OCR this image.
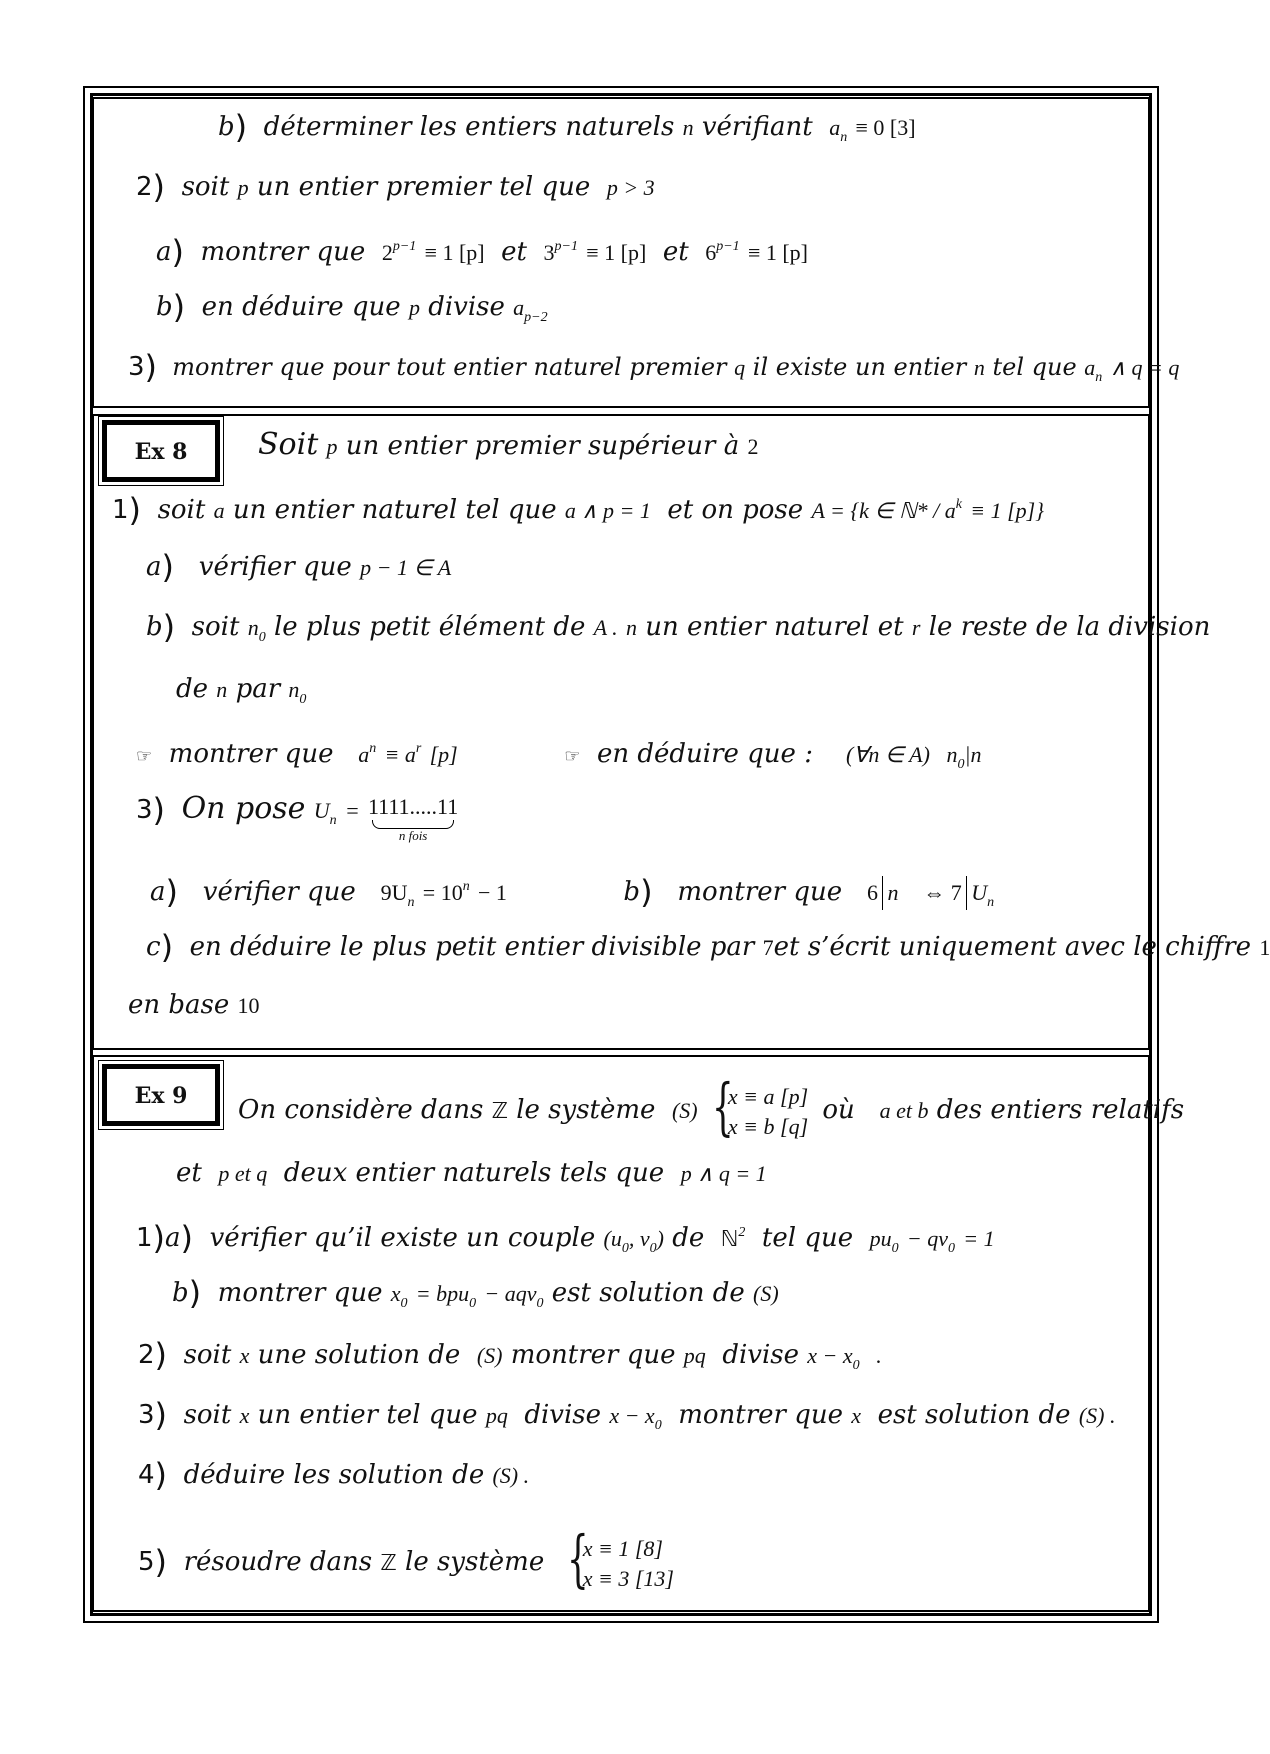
b) déterminer les entiers naturels n vérifiant $a_n \equiv 0$ [3]
2) soit p un entier premier tel que p > 3
a) montrer que $2^{p-1} \equiv 1$ [p] et $3^{p-1} \equiv 1$ [p] et $6^{p-1} \equiv 1$ [p]
b) en déduire que p divise $a_{p-2}$
3) montrer que pour tout entier naturel premier q il existe un entier n tel que $a_n$ ∧ q = q
Ex 8	Soit p un entier premier supérieur à 2
1) soit a un entier naturel tel que a ∧ p = 1 et on pose A = {k ∈ ℕ* / $a^k \equiv 1$ [p]}
a) vérifier que p − 1 ∈ A
b) soit $n_0$ le plus petit élément de A . n un entier naturel et r le reste de la division
de n par $n_0$
☞ montrer que $a^n \equiv a^r$ [p]	☞ en déduire que : (∀n ∈ A) $n_0|n$
3) On pose $U_n = 1111.....11$
n fois
a) vérifier que $9U_n = 10^n - 1$	b) montrer que 6 n ⇔ 7 $U_n$
c) en déduire le plus petit entier divisible par 7et s’écrit uniquement avec le chiffre 1
en base 10
Ex 9	On considère dans ℤ le système (S) {
x ≡ a [p]
x ≡ b [q]
où a et b des entiers relatifs
et p et q deux entier naturels tels que p ∧ q = 1
1)a) vérifier qu’il existe un couple ($u_0$, $v_0$) de ℕ$^2$ tel que $pu_0 - qv_0 = 1$
b) montrer que $x_0 = bpu_0 - aqv_0$ est solution de (S)
2) soit x une solution de (S) montrer que pq divise $x - x_0$ .
3) soit x un entier tel que pq divise $x - x_0$ montrer que x est solution de (S) .
4) déduire les solution de (S) .
5) résoudre dans ℤ le système {
x ≡ 1 [8]
x ≡ 3 [13]
